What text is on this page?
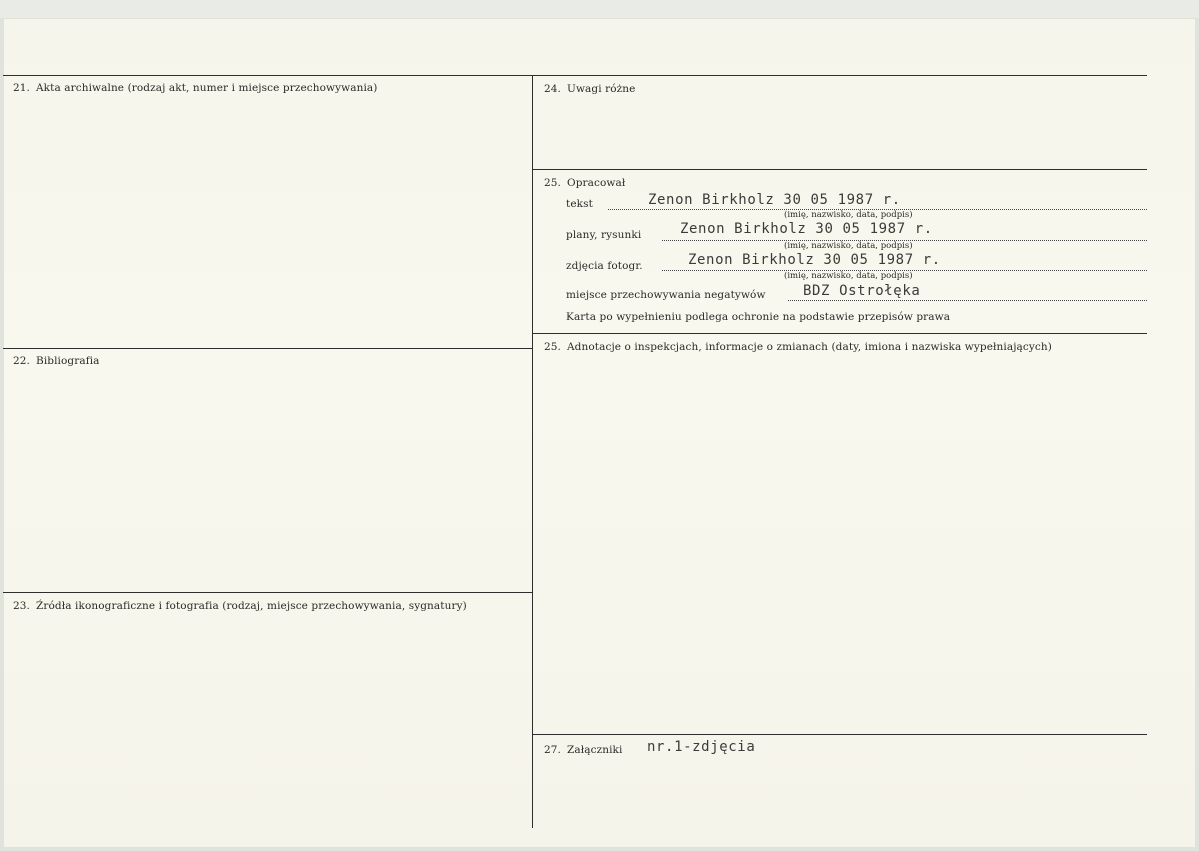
21. Akta archiwalne (rodzaj akt, numer i miejsce przechowywania)
22. Bibliografia
23. Źródła ikonograficzne i fotografia (rodzaj, miejsce przechowywania, sygnatury)
24. Uwagi różne
25. Opracował
tekst	Zenon Birkholz 30 05 1987 r.
(imię, nazwisko, data, podpis)
plany, rysunki	Zenon Birkholz 30 05 1987 r.
(imię, nazwisko, data, podpis)
zdjęcia fotogr.	Zenon Birkholz 30 05 1987 r.
(imię, nazwisko, data, podpis)
miejsce przechowywania negatywów	BDZ Ostrołęka
Karta po wypełnieniu podlega ochronie na podstawie przepisów prawa
25. Adnotacje o inspekcjach, informacje o zmianach (daty, imiona i nazwiska wypełniających)
27. Załączniki nr.1-zdjęcia
